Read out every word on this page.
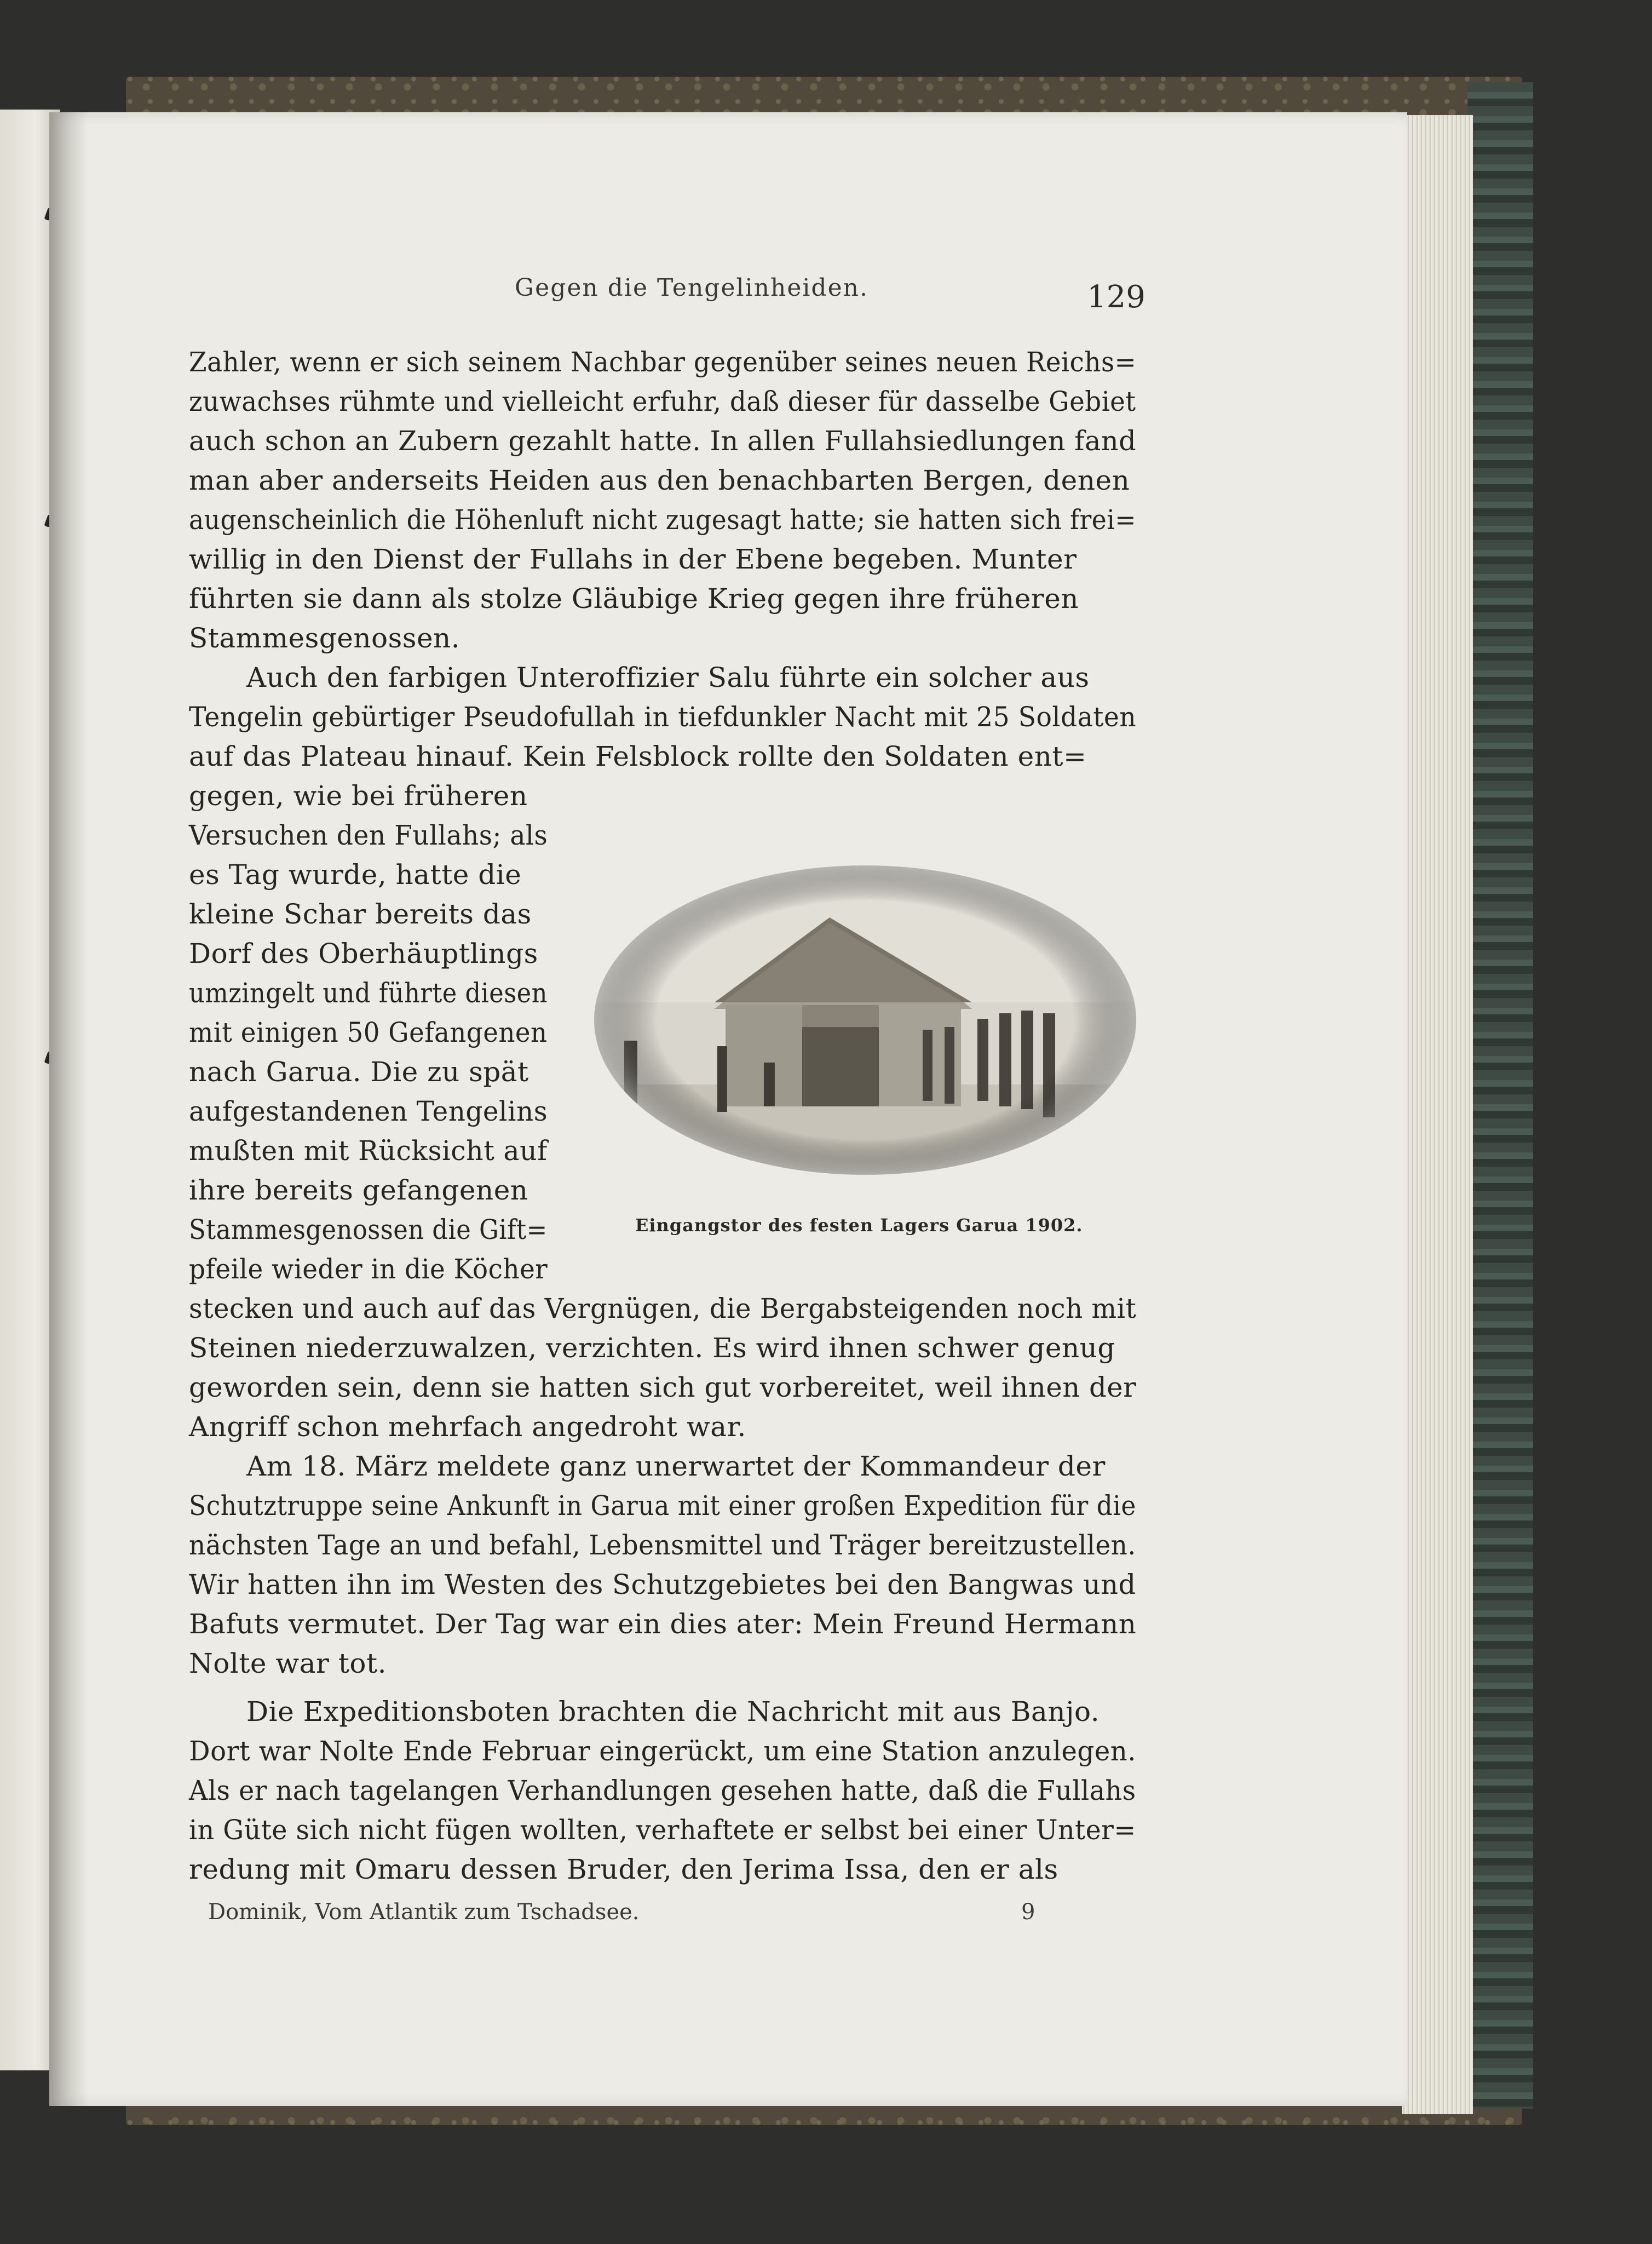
Gegen die Tengelinheiden.	129
Zahler, wenn er sich seinem Nachbar gegenüber seines neuen Reichs=
zuwachses rühmte und vielleicht erfuhr, daß dieser für dasselbe Gebiet
auch schon an Zubern gezahlt hatte. In allen Fullahsiedlungen fand
man aber anderseits Heiden aus den benachbarten Bergen, denen
augenscheinlich die Höhenluft nicht zugesagt hatte; sie hatten sich frei=
willig in den Dienst der Fullahs in der Ebene begeben. Munter
führten sie dann als stolze Gläubige Krieg gegen ihre früheren
Stammesgenossen.
Auch den farbigen Unteroffizier Salu führte ein solcher aus
Tengelin gebürtiger Pseudofullah in tiefdunkler Nacht mit 25 Soldaten
auf das Plateau hinauf. Kein Felsblock rollte den Soldaten ent=
gegen, wie bei früheren
Versuchen den Fullahs; als
es Tag wurde, hatte die
kleine Schar bereits das
Dorf des Oberhäuptlings
umzingelt und führte diesen
mit einigen 50 Gefangenen
nach Garua. Die zu spät
aufgestandenen Tengelins
mußten mit Rücksicht auf
ihre bereits gefangenen
Stammesgenossen die Gift=
pfeile wieder in die Köcher
Eingangstor des festen Lagers Garua 1902.
stecken und auch auf das Vergnügen, die Bergabsteigenden noch mit
Steinen niederzuwalzen, verzichten. Es wird ihnen schwer genug
geworden sein, denn sie hatten sich gut vorbereitet, weil ihnen der
Angriff schon mehrfach angedroht war.
Am 18. März meldete ganz unerwartet der Kommandeur der
Schutztruppe seine Ankunft in Garua mit einer großen Expedition für die
nächsten Tage an und befahl, Lebensmittel und Träger bereitzustellen.
Wir hatten ihn im Westen des Schutzgebietes bei den Bangwas und
Bafuts vermutet. Der Tag war ein dies ater: Mein Freund Hermann
Nolte war tot.
Die Expeditionsboten brachten die Nachricht mit aus Banjo.
Dort war Nolte Ende Februar eingerückt, um eine Station anzulegen.
Als er nach tagelangen Verhandlungen gesehen hatte, daß die Fullahs
in Güte sich nicht fügen wollten, verhaftete er selbst bei einer Unter=
redung mit Omaru dessen Bruder, den Jerima Issa, den er als
Dominik, Vom Atlantik zum Tschadsee.	9
